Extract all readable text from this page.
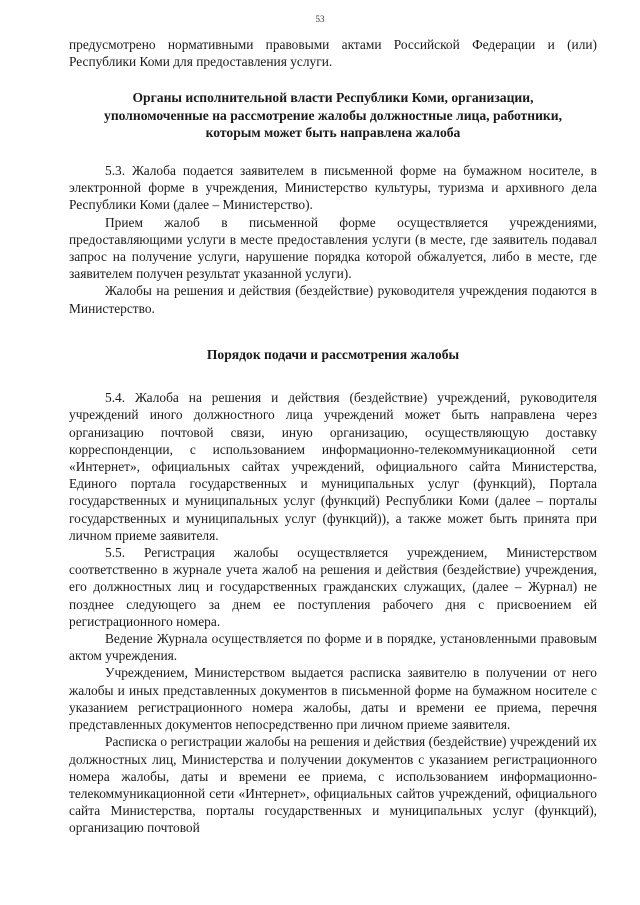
53

предусмотрено нормативными правовыми актами Российской Федерации и (или) Республики Коми для предоставления услуги.

Органы исполнительной власти Республики Коми, организации, уполномоченные на рассмотрение жалобы должностные лица, работники, которым может быть направлена жалоба

5.3. Жалоба подается заявителем в письменной форме на бумажном носителе, в электронной форме в учреждения, Министерство культуры, туризма и архивного дела Республики Коми (далее – Министерство).

Прием жалоб в письменной форме осуществляется учреждениями, предоставляющими услуги в месте предоставления услуги (в месте, где заявитель подавал запрос на получение услуги, нарушение порядка которой обжалуется, либо в месте, где заявителем получен результат указанной услуги).

Жалобы на решения и действия (бездействие) руководителя учреждения подаются в Министерство.

Порядок подачи и рассмотрения жалобы

5.4. Жалоба на решения и действия (бездействие) учреждений, руководителя учреждений иного должностного лица учреждений может быть направлена через организацию почтовой связи, иную организацию, осуществляющую доставку корреспонденции, с использованием информационно-телекоммуникационной сети «Интернет», официальных сайтах учреждений, официального сайта Министерства, Единого портала государственных и муниципальных услуг (функций), Портала государственных и муниципальных услуг (функций) Республики Коми (далее – порталы государственных и муниципальных услуг (функций)), а также может быть принята при личном приеме заявителя.

5.5. Регистрация жалобы осуществляется учреждением, Министерством соответственно в журнале учета жалоб на решения и действия (бездействие) учреждения, его должностных лиц и государственных гражданских служащих, (далее – Журнал) не позднее следующего за днем ее поступления рабочего дня с присвоением ей регистрационного номера.

Ведение Журнала осуществляется по форме и в порядке, установленными правовым актом учреждения.

Учреждением, Министерством выдается расписка заявителю в получении от него жалобы и иных представленных документов в письменной форме на бумажном носителе с указанием регистрационного номера жалобы, даты и времени ее приема, перечня представленных документов непосредственно при личном приеме заявителя.

Расписка о регистрации жалобы на решения и действия (бездействие) учреждений их должностных лиц, Министерства и получении документов с указанием регистрационного номера жалобы, даты и времени ее приема, с использованием информационно-телекоммуникационной сети «Интернет», официальных сайтов учреждений, официального сайта Министерства, порталы государственных и муниципальных услуг (функций), организацию почтовой
